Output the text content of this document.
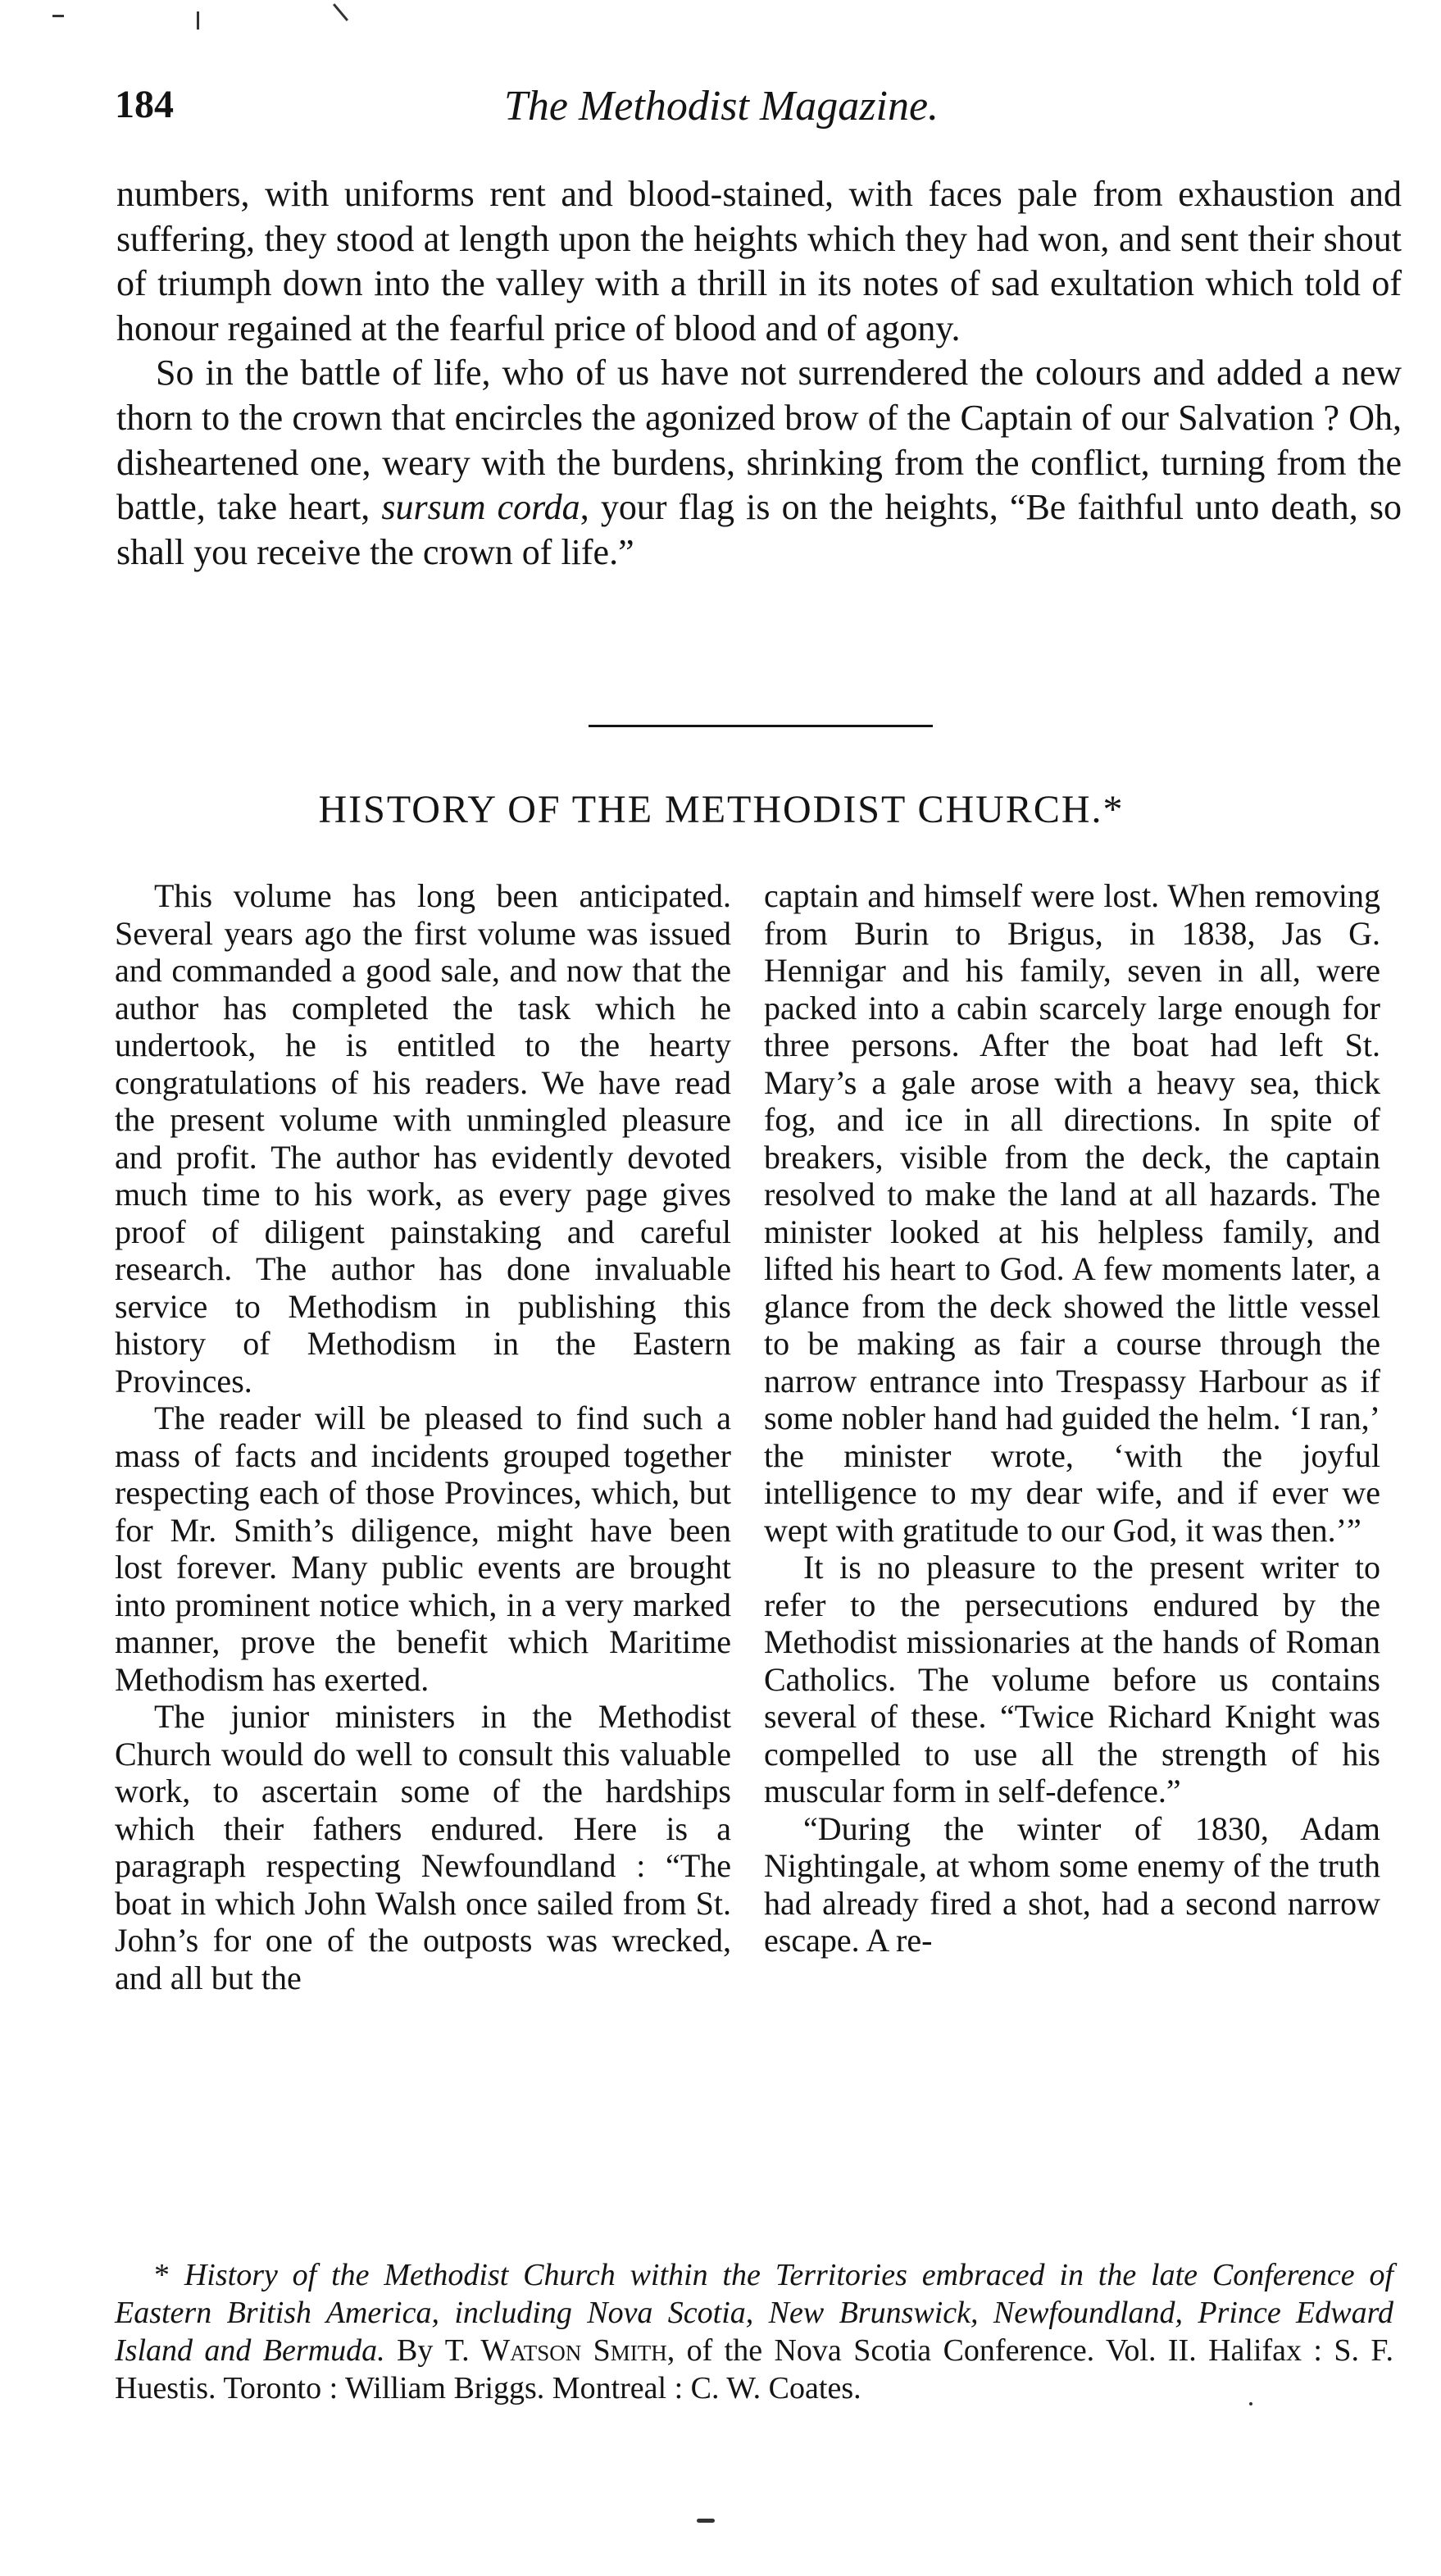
184	The Methodist Magazine.

numbers, with uniforms rent and blood-stained, with faces pale from exhaustion and suffering, they stood at length upon the heights which they had won, and sent their shout of triumph down into the valley with a thrill in its notes of sad exultation which told of honour regained at the fearful price of blood and of agony.

So in the battle of life, who of us have not surrendered the colours and added a new thorn to the crown that encircles the agonized brow of the Captain of our Salvation ? Oh, disheartened one, weary with the burdens, shrinking from the conflict, turning from the battle, take heart, sursum corda, your flag is on the heights, “Be faithful unto death, so shall you receive the crown of life.”

HISTORY OF THE METHODIST CHURCH.*

This volume has long been anticipated. Several years ago the first volume was issued and commanded a good sale, and now that the author has completed the task which he undertook, he is entitled to the hearty congratulations of his readers. We have read the present volume with unmingled pleasure and profit. The author has evidently devoted much time to his work, as every page gives proof of diligent painstaking and careful research. The author has done invaluable service to Methodism in publishing this history of Methodism in the Eastern Provinces.

The reader will be pleased to find such a mass of facts and incidents grouped together respecting each of those Provinces, which, but for Mr. Smith’s diligence, might have been lost forever. Many public events are brought into prominent notice which, in a very marked manner, prove the benefit which Maritime Methodism has exerted.

The junior ministers in the Methodist Church would do well to consult this valuable work, to ascertain some of the hardships which their fathers endured. Here is a paragraph respecting Newfoundland : “The boat in which John Walsh once sailed from St. John’s for one of the outposts was wrecked, and all but the

captain and himself were lost. When removing from Burin to Brigus, in 1838, Jas G. Hennigar and his family, seven in all, were packed into a cabin scarcely large enough for three persons. After the boat had left St. Mary’s a gale arose with a heavy sea, thick fog, and ice in all directions. In spite of breakers, visible from the deck, the captain resolved to make the land at all hazards. The minister looked at his helpless family, and lifted his heart to God. A few moments later, a glance from the deck showed the little vessel to be making as fair a course through the narrow entrance into Trespassy Harbour as if some nobler hand had guided the helm. ‘I ran,’ the minister wrote, ‘with the joyful intelligence to my dear wife, and if ever we wept with gratitude to our God, it was then.’”

It is no pleasure to the present writer to refer to the persecutions endured by the Methodist missionaries at the hands of Roman Catholics. The volume before us contains several of these. “Twice Richard Knight was compelled to use all the strength of his muscular form in self-defence.”

“During the winter of 1830, Adam Nightingale, at whom some enemy of the truth had already fired a shot, had a second narrow escape. A re-

* History of the Methodist Church within the Territories embraced in the late Conference of Eastern British America, including Nova Scotia, New Brunswick, Newfoundland, Prince Edward Island and Bermuda. By T. Watson Smith, of the Nova Scotia Conference. Vol. II. Halifax : S. F. Huestis. Toronto : William Briggs. Montreal : C. W. Coates.
